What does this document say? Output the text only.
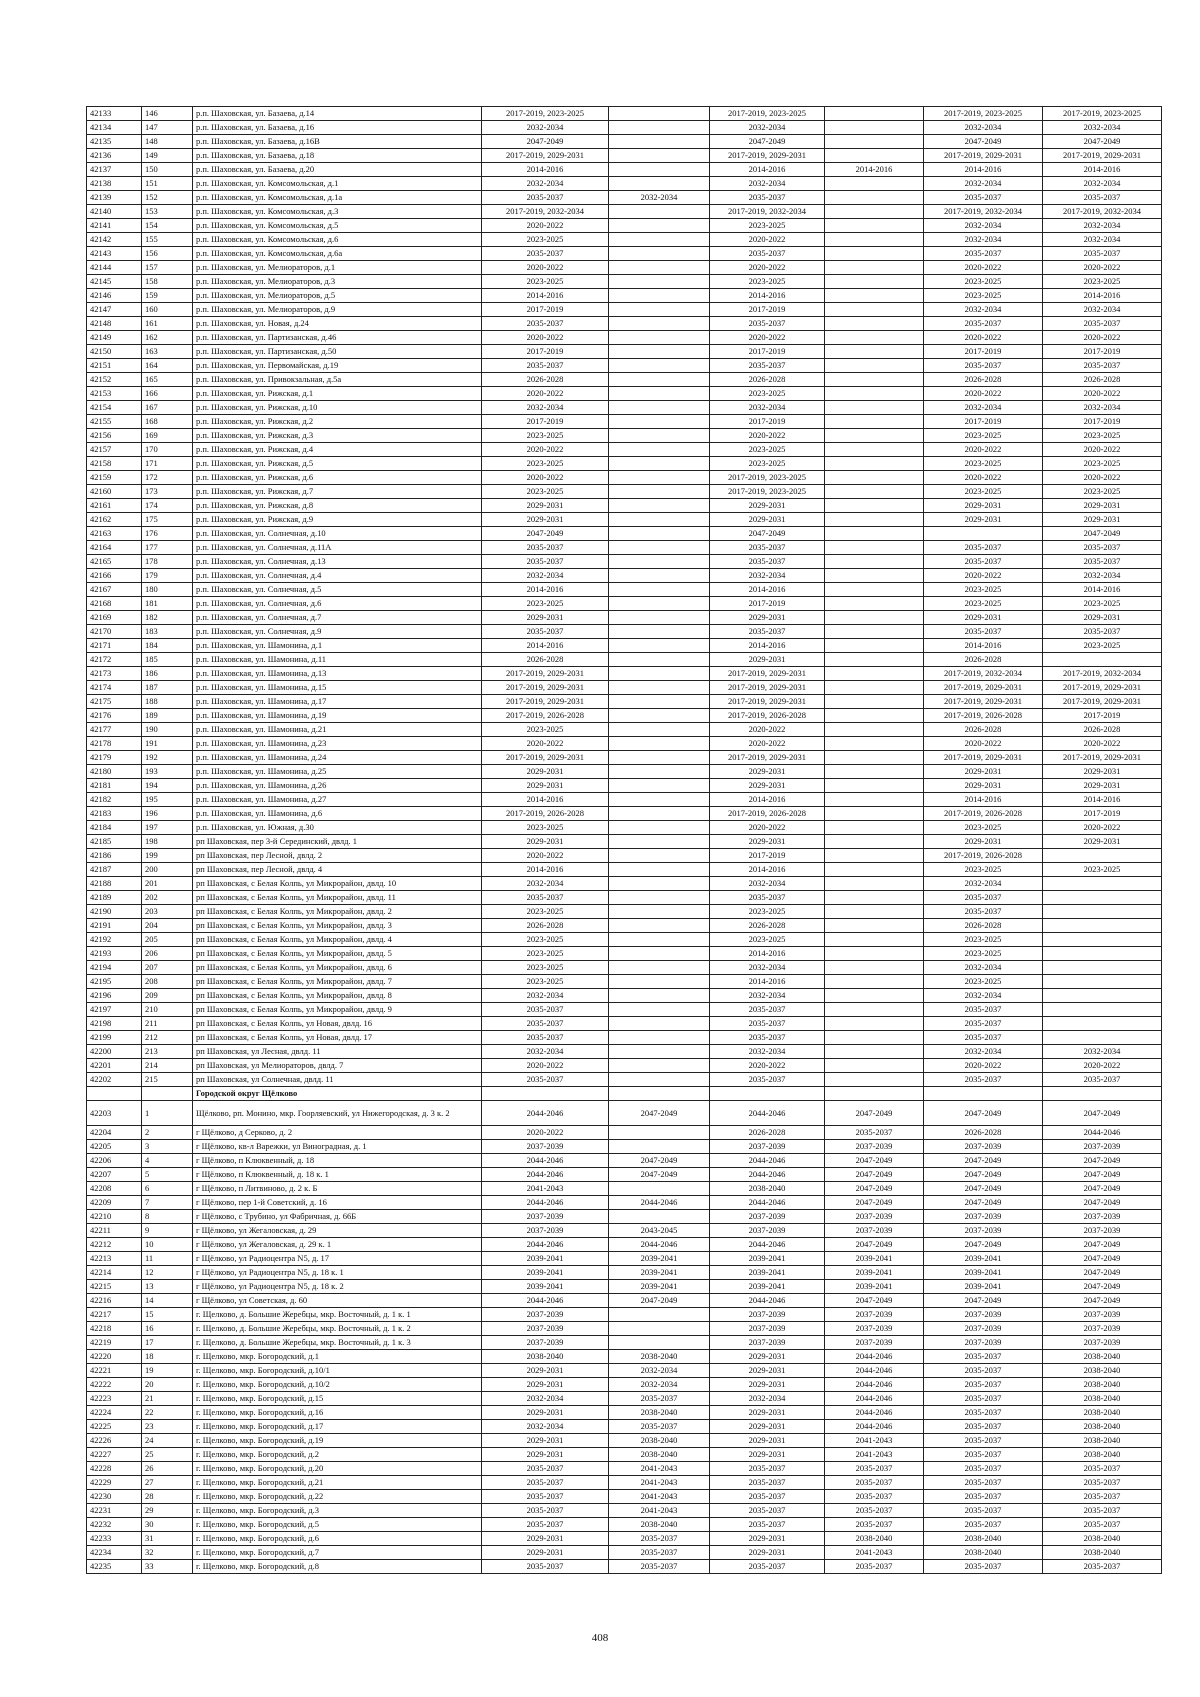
42133	146	р.п. Шаховская, ул. Базаева, д.14	2017-2019, 2023-2025		2017-2019, 2023-2025		2017-2019, 2023-2025	2017-2019, 2023-2025
42134	147	р.п. Шаховская, ул. Базаева, д.16	2032-2034		2032-2034		2032-2034	2032-2034
42135	148	р.п. Шаховская, ул. Базаева, д.16В	2047-2049		2047-2049		2047-2049	2047-2049
42136	149	р.п. Шаховская, ул. Базаева, д.18	2017-2019, 2029-2031		2017-2019, 2029-2031		2017-2019, 2029-2031	2017-2019, 2029-2031
42137	150	р.п. Шаховская, ул. Базаева, д.20	2014-2016		2014-2016	2014-2016	2014-2016	2014-2016
42138	151	р.п. Шаховская, ул. Комсомольская, д.1	2032-2034		2032-2034		2032-2034	2032-2034
42139	152	р.п. Шаховская, ул. Комсомольская, д.1а	2035-2037	2032-2034	2035-2037		2035-2037	2035-2037
42140	153	р.п. Шаховская, ул. Комсомольская, д.3	2017-2019, 2032-2034		2017-2019, 2032-2034		2017-2019, 2032-2034	2017-2019, 2032-2034
42141	154	р.п. Шаховская, ул. Комсомольская, д.5	2020-2022		2023-2025		2032-2034	2032-2034
42142	155	р.п. Шаховская, ул. Комсомольская, д.6	2023-2025		2020-2022		2032-2034	2032-2034
42143	156	р.п. Шаховская, ул. Комсомольская, д.6а	2035-2037		2035-2037		2035-2037	2035-2037
42144	157	р.п. Шаховская, ул. Мелиораторов, д.1	2020-2022		2020-2022		2020-2022	2020-2022
42145	158	р.п. Шаховская, ул. Мелиораторов, д.3	2023-2025		2023-2025		2023-2025	2023-2025
42146	159	р.п. Шаховская, ул. Мелиораторов, д.5	2014-2016		2014-2016		2023-2025	2014-2016
42147	160	р.п. Шаховская, ул. Мелиораторов, д.9	2017-2019		2017-2019		2032-2034	2032-2034
42148	161	р.п. Шаховская, ул. Новая, д.24	2035-2037		2035-2037		2035-2037	2035-2037
42149	162	р.п. Шаховская, ул. Партизанская, д.46	2020-2022		2020-2022		2020-2022	2020-2022
42150	163	р.п. Шаховская, ул. Партизанская, д.50	2017-2019		2017-2019		2017-2019	2017-2019
42151	164	р.п. Шаховская, ул. Первомайская, д.19	2035-2037		2035-2037		2035-2037	2035-2037
42152	165	р.п. Шаховская, ул. Привокзальная, д.5а	2026-2028		2026-2028		2026-2028	2026-2028
42153	166	р.п. Шаховская, ул. Рижская, д.1	2020-2022		2023-2025		2020-2022	2020-2022
42154	167	р.п. Шаховская, ул. Рижская, д.10	2032-2034		2032-2034		2032-2034	2032-2034
42155	168	р.п. Шаховская, ул. Рижская, д.2	2017-2019		2017-2019		2017-2019	2017-2019
42156	169	р.п. Шаховская, ул. Рижская, д.3	2023-2025		2020-2022		2023-2025	2023-2025
42157	170	р.п. Шаховская, ул. Рижская, д.4	2020-2022		2023-2025		2020-2022	2020-2022
42158	171	р.п. Шаховская, ул. Рижская, д.5	2023-2025		2023-2025		2023-2025	2023-2025
42159	172	р.п. Шаховская, ул. Рижская, д.6	2020-2022		2017-2019, 2023-2025		2020-2022	2020-2022
42160	173	р.п. Шаховская, ул. Рижская, д.7	2023-2025		2017-2019, 2023-2025		2023-2025	2023-2025
42161	174	р.п. Шаховская, ул. Рижская, д.8	2029-2031		2029-2031		2029-2031	2029-2031
42162	175	р.п. Шаховская, ул. Рижская, д.9	2029-2031		2029-2031		2029-2031	2029-2031
42163	176	р.п. Шаховская, ул. Солнечная, д.10	2047-2049		2047-2049			2047-2049
42164	177	р.п. Шаховская, ул. Солнечная, д.11А	2035-2037		2035-2037		2035-2037	2035-2037
42165	178	р.п. Шаховская, ул. Солнечная, д.13	2035-2037		2035-2037		2035-2037	2035-2037
42166	179	р.п. Шаховская, ул. Солнечная, д.4	2032-2034		2032-2034		2020-2022	2032-2034
42167	180	р.п. Шаховская, ул. Солнечная, д.5	2014-2016		2014-2016		2023-2025	2014-2016
42168	181	р.п. Шаховская, ул. Солнечная, д.6	2023-2025		2017-2019		2023-2025	2023-2025
42169	182	р.п. Шаховская, ул. Солнечная, д.7	2029-2031		2029-2031		2029-2031	2029-2031
42170	183	р.п. Шаховская, ул. Солнечная, д.9	2035-2037		2035-2037		2035-2037	2035-2037
42171	184	р.п. Шаховская, ул. Шамонина, д.1	2014-2016		2014-2016		2014-2016	2023-2025
42172	185	р.п. Шаховская, ул. Шамонина, д.11	2026-2028		2029-2031		2026-2028	
42173	186	р.п. Шаховская, ул. Шамонина, д.13	2017-2019, 2029-2031		2017-2019, 2029-2031		2017-2019, 2032-2034	2017-2019, 2032-2034
42174	187	р.п. Шаховская, ул. Шамонина, д.15	2017-2019, 2029-2031		2017-2019, 2029-2031		2017-2019, 2029-2031	2017-2019, 2029-2031
42175	188	р.п. Шаховская, ул. Шамонина, д.17	2017-2019, 2029-2031		2017-2019, 2029-2031		2017-2019, 2029-2031	2017-2019, 2029-2031
42176	189	р.п. Шаховская, ул. Шамонина, д.19	2017-2019, 2026-2028		2017-2019, 2026-2028		2017-2019, 2026-2028	2017-2019
42177	190	р.п. Шаховская, ул. Шамонина, д.21	2023-2025		2020-2022		2026-2028	2026-2028
42178	191	р.п. Шаховская, ул. Шамонина, д.23	2020-2022		2020-2022		2020-2022	2020-2022
42179	192	р.п. Шаховская, ул. Шамонина, д.24	2017-2019, 2029-2031		2017-2019, 2029-2031		2017-2019, 2029-2031	2017-2019, 2029-2031
42180	193	р.п. Шаховская, ул. Шамонина, д.25	2029-2031		2029-2031		2029-2031	2029-2031
42181	194	р.п. Шаховская, ул. Шамонина, д.26	2029-2031		2029-2031		2029-2031	2029-2031
42182	195	р.п. Шаховская, ул. Шамонина, д.27	2014-2016		2014-2016		2014-2016	2014-2016
42183	196	р.п. Шаховская, ул. Шамонина, д.6	2017-2019, 2026-2028		2017-2019, 2026-2028		2017-2019, 2026-2028	2017-2019
42184	197	р.п. Шаховская, ул. Южная, д.30	2023-2025		2020-2022		2023-2025	2020-2022
42185	198	рп Шаховская, пер 3-й Серединский, двлд. 1	2029-2031		2029-2031		2029-2031	2029-2031
42186	199	рп Шаховская, пер Лесной, двлд. 2	2020-2022		2017-2019		2017-2019, 2026-2028	
42187	200	рп Шаховская, пер Лесной, двлд. 4	2014-2016		2014-2016		2023-2025	2023-2025
42188	201	рп Шаховская, с Белая Колпь, ул Микрорайон, двлд. 10	2032-2034		2032-2034		2032-2034	
42189	202	рп Шаховская, с Белая Колпь, ул Микрорайон, двлд. 11	2035-2037		2035-2037		2035-2037	
42190	203	рп Шаховская, с Белая Колпь, ул Микрорайон, двлд. 2	2023-2025		2023-2025		2035-2037	
42191	204	рп Шаховская, с Белая Колпь, ул Микрорайон, двлд. 3	2026-2028		2026-2028		2026-2028	
42192	205	рп Шаховская, с Белая Колпь, ул Микрорайон, двлд. 4	2023-2025		2023-2025		2023-2025	
42193	206	рп Шаховская, с Белая Колпь, ул Микрорайон, двлд. 5	2023-2025		2014-2016		2023-2025	
42194	207	рп Шаховская, с Белая Колпь, ул Микрорайон, двлд. 6	2023-2025		2032-2034		2032-2034	
42195	208	рп Шаховская, с Белая Колпь, ул Микрорайон, двлд. 7	2023-2025		2014-2016		2023-2025	
42196	209	рп Шаховская, с Белая Колпь, ул Микрорайон, двлд. 8	2032-2034		2032-2034		2032-2034	
42197	210	рп Шаховская, с Белая Колпь, ул Микрорайон, двлд. 9	2035-2037		2035-2037		2035-2037	
42198	211	рп Шаховская, с Белая Колпь, ул Новая, двлд. 16	2035-2037		2035-2037		2035-2037	
42199	212	рп Шаховская, с Белая Колпь, ул Новая, двлд. 17	2035-2037		2035-2037		2035-2037	
42200	213	рп Шаховская, ул Лесная, двлд. 11	2032-2034		2032-2034		2032-2034	2032-2034
42201	214	рп Шаховская, ул Мелиораторов, двлд. 7	2020-2022		2020-2022		2020-2022	2020-2022
42202	215	рп Шаховская, ул Солнечная, двлд. 11	2035-2037		2035-2037		2035-2037	2035-2037
		Городской округ Щёлково						
42203	1	Щёлково, рп. Монино, мкр. Гоорляевский, ул Нижегородская, д. 3 к. 2	2044-2046	2047-2049	2044-2046	2047-2049	2047-2049	2047-2049
42204	2	г Щёлково, д Серково, д. 2	2020-2022		2026-2028	2035-2037	2026-2028	2044-2046
42205	3	г Щёлково, кв-л Варежки, ул Виноградная, д. 1	2037-2039		2037-2039	2037-2039	2037-2039	2037-2039
42206	4	г Щёлково, п Клюквенный, д. 18	2044-2046	2047-2049	2044-2046	2047-2049	2047-2049	2047-2049
42207	5	г Щёлково, п Клюквенный, д. 18 к. 1	2044-2046	2047-2049	2044-2046	2047-2049	2047-2049	2047-2049
42208	6	г Щёлково, п Литвиново, д. 2 к. Б	2041-2043		2038-2040	2047-2049	2047-2049	2047-2049
42209	7	г Щёлково, пер 1-й Советский, д. 16	2044-2046	2044-2046	2044-2046	2047-2049	2047-2049	2047-2049
42210	8	г Щёлково, с Трубино, ул Фабричная, д. 66Б	2037-2039		2037-2039	2037-2039	2037-2039	2037-2039
42211	9	г Щёлково, ул Жегаловская, д. 29	2037-2039	2043-2045	2037-2039	2037-2039	2037-2039	2037-2039
42212	10	г Щёлково, ул Жегаловская, д. 29 к. 1	2044-2046	2044-2046	2044-2046	2047-2049	2047-2049	2047-2049
42213	11	г Щёлково, ул Радиоцентра N5, д. 17	2039-2041	2039-2041	2039-2041	2039-2041	2039-2041	2047-2049
42214	12	г Щёлково, ул Радиоцентра N5, д. 18 к. 1	2039-2041	2039-2041	2039-2041	2039-2041	2039-2041	2047-2049
42215	13	г Щёлково, ул Радиоцентра N5, д. 18 к. 2	2039-2041	2039-2041	2039-2041	2039-2041	2039-2041	2047-2049
42216	14	г Щёлково, ул Советская, д. 60	2044-2046	2047-2049	2044-2046	2047-2049	2047-2049	2047-2049
42217	15	г. Щелково, д. Большие Жеребцы, мкр. Восточный, д. 1 к. 1	2037-2039		2037-2039	2037-2039	2037-2039	2037-2039
42218	16	г. Щелково, д. Большие Жеребцы, мкр. Восточный, д. 1 к. 2	2037-2039		2037-2039	2037-2039	2037-2039	2037-2039
42219	17	г. Щелково, д. Большие Жеребцы, мкр. Восточный, д. 1 к. 3	2037-2039		2037-2039	2037-2039	2037-2039	2037-2039
42220	18	г. Щелково, мкр. Богородский, д.1	2038-2040	2038-2040	2029-2031	2044-2046	2035-2037	2038-2040
42221	19	г. Щелково, мкр. Богородский, д.10/1	2029-2031	2032-2034	2029-2031	2044-2046	2035-2037	2038-2040
42222	20	г. Щелково, мкр. Богородский, д.10/2	2029-2031	2032-2034	2029-2031	2044-2046	2035-2037	2038-2040
42223	21	г. Щелково, мкр. Богородский, д.15	2032-2034	2035-2037	2032-2034	2044-2046	2035-2037	2038-2040
42224	22	г. Щелково, мкр. Богородский, д.16	2029-2031	2038-2040	2029-2031	2044-2046	2035-2037	2038-2040
42225	23	г. Щелково, мкр. Богородский, д.17	2032-2034	2035-2037	2029-2031	2044-2046	2035-2037	2038-2040
42226	24	г. Щелково, мкр. Богородский, д.19	2029-2031	2038-2040	2029-2031	2041-2043	2035-2037	2038-2040
42227	25	г. Щелково, мкр. Богородский, д.2	2029-2031	2038-2040	2029-2031	2041-2043	2035-2037	2038-2040
42228	26	г. Щелково, мкр. Богородский, д.20	2035-2037	2041-2043	2035-2037	2035-2037	2035-2037	2035-2037
42229	27	г. Щелково, мкр. Богородский, д.21	2035-2037	2041-2043	2035-2037	2035-2037	2035-2037	2035-2037
42230	28	г. Щелково, мкр. Богородский, д.22	2035-2037	2041-2043	2035-2037	2035-2037	2035-2037	2035-2037
42231	29	г. Щелково, мкр. Богородский, д.3	2035-2037	2041-2043	2035-2037	2035-2037	2035-2037	2035-2037
42232	30	г. Щелково, мкр. Богородский, д.5	2035-2037	2038-2040	2035-2037	2035-2037	2035-2037	2035-2037
42233	31	г. Щелково, мкр. Богородский, д.6	2029-2031	2035-2037	2029-2031	2038-2040	2038-2040	2038-2040
42234	32	г. Щелково, мкр. Богородский, д.7	2029-2031	2035-2037	2029-2031	2041-2043	2038-2040	2038-2040
42235	33	г. Щелково, мкр. Богородский, д.8	2035-2037	2035-2037	2035-2037	2035-2037	2035-2037	2035-2037
408
